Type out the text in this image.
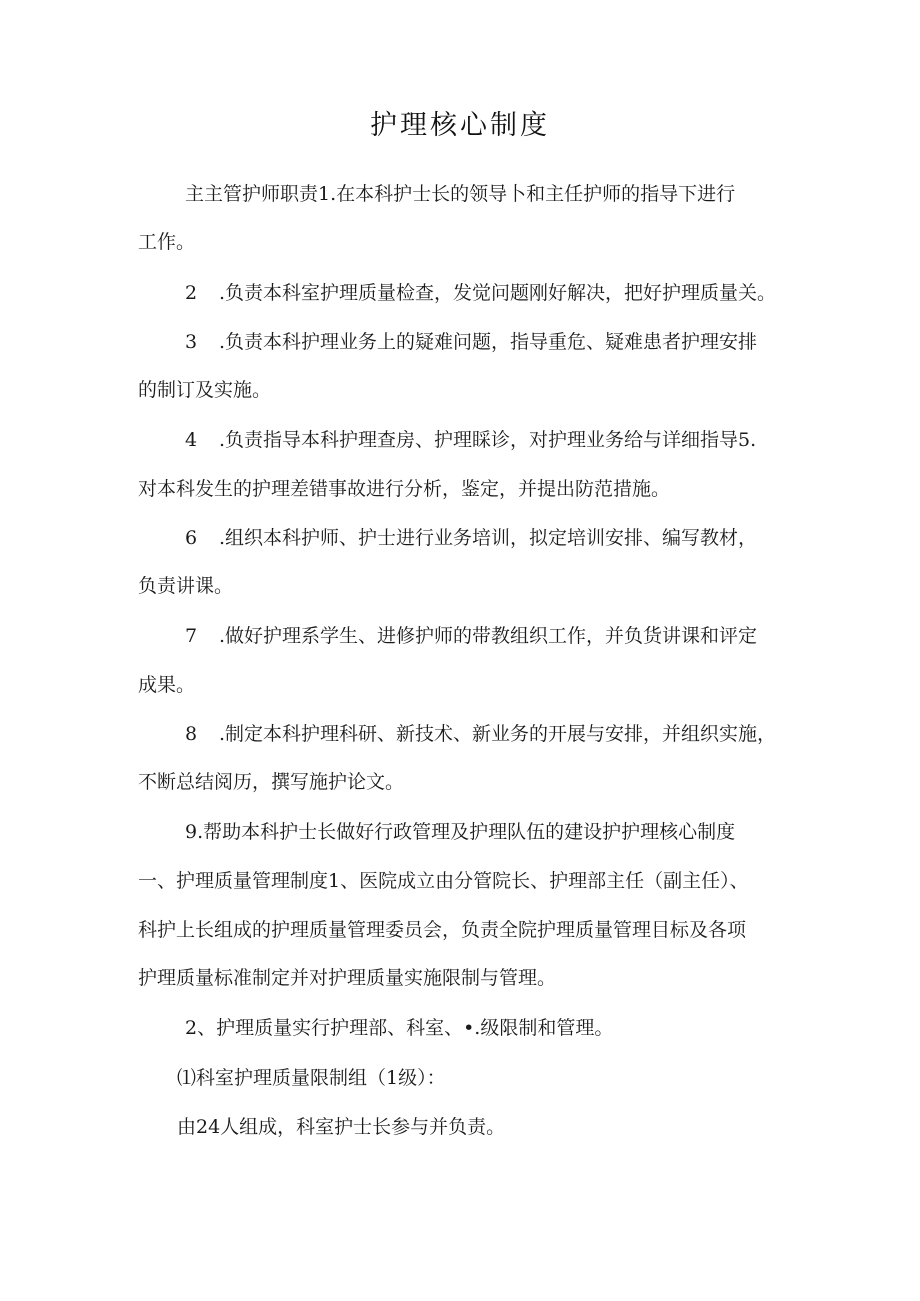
护理核心制度
主主管护师职责1.在本科护士长的领导卜和主任护师的指导下进行
工作。
2 .负责本科室护理质量检查，发觉问题刚好解决，把好护理质量关。
3 .负责本科护理业务上的疑难问题，指导重危、疑难患者护理安排
的制订及实施。
4 .负责指导本科护理查房、护理睬诊，对护理业务给与详细指导5.
对本科发生的护理差错事故进行分析，鉴定，并提出防范措施。
6 .组织本科护师、护士进行业务培训，拟定培训安排、编写教材，
负责讲课。
7 .做好护理系学生、进修护师的带教组织工作，并负货讲课和评定
成果。
8 .制定本科护理科研、新技术、新业务的开展与安排，并组织实施，
不断总结阅历，撰写施护论文。
9.帮助本科护士长做好行政管理及护理队伍的建设护护理核心制度
一、护理质量管理制度1、医院成立由分管院长、护理部主任（副主任）、
科护上长组成的护理质量管理委员会，负责全院护理质量管理目标及各项
护理质量标准制定并对护理质量实施限制与管理。
2、护理质量实行护理部、科室、•.级限制和管理。
⑴科室护理质量限制组（1级）：
由24人组成，科室护士长参与并负责。
